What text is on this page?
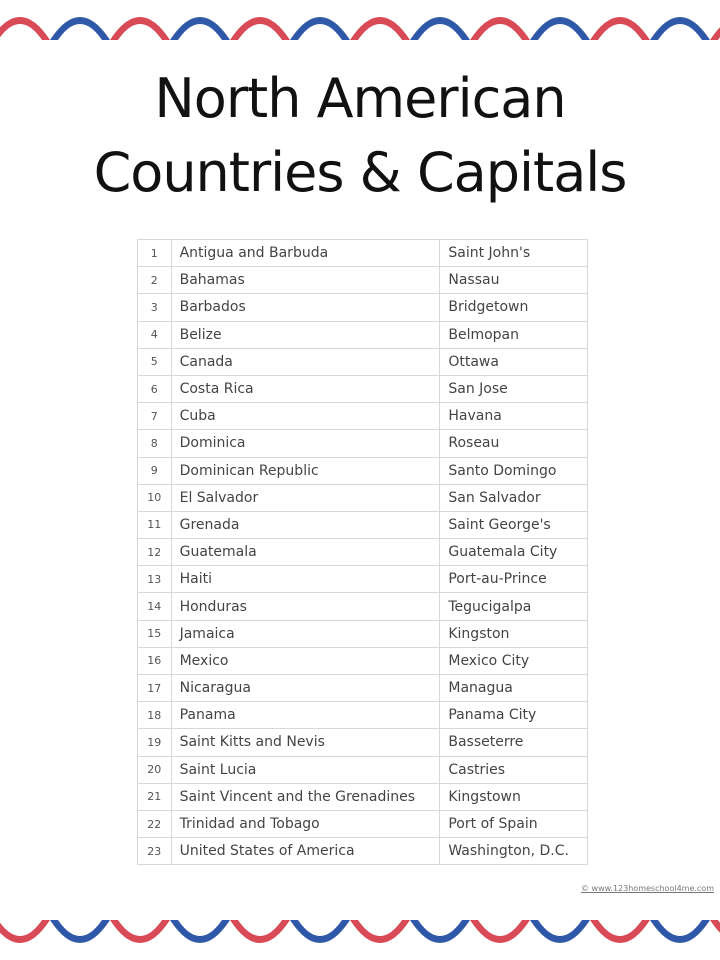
North American
Countries & Capitals
1	Antigua and Barbuda	Saint John's
2	Bahamas	Nassau
3	Barbados	Bridgetown
4	Belize	Belmopan
5	Canada	Ottawa
6	Costa Rica	San Jose
7	Cuba	Havana
8	Dominica	Roseau
9	Dominican Republic	Santo Domingo
10	El Salvador	San Salvador
11	Grenada	Saint George's
12	Guatemala	Guatemala City
13	Haiti	Port-au-Prince
14	Honduras	Tegucigalpa
15	Jamaica	Kingston
16	Mexico	Mexico City
17	Nicaragua	Managua
18	Panama	Panama City
19	Saint Kitts and Nevis	Basseterre
20	Saint Lucia	Castries
21	Saint Vincent and the Grenadines	Kingstown
22	Trinidad and Tobago	Port of Spain
23	United States of America	Washington, D.C.
© www.123homeschool4me.com
